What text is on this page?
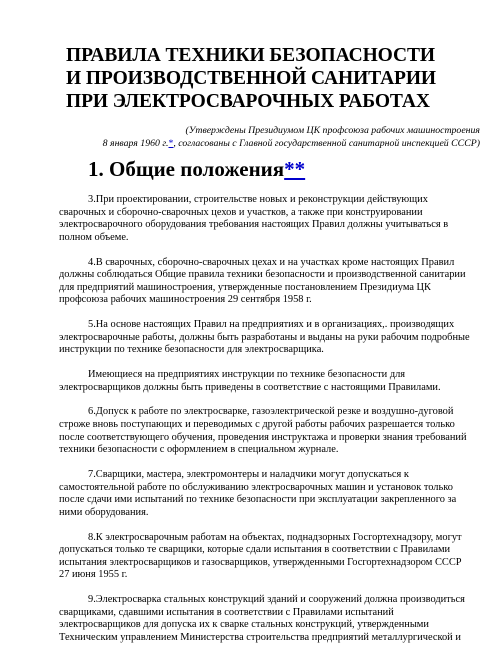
ПРАВИЛА ТЕХНИКИ БЕЗОПАСНОСТИ
И ПРОИЗВОДСТВЕННОЙ САНИТАРИИ
ПРИ ЭЛЕКТРОСВАРОЧНЫХ РАБОТАХ
(Утверждены Президиумом ЦК профсоюза рабочих машиностроения
8 января 1960 г.*, согласованы с Главной государственной санитарной инспекцией СССР)
1. Общие положения**

3.При проектировании, строительстве новых и реконструкции действующих сварочных и сборочно-сварочных цехов и участков, а также при конструировании электросварочного оборудования требования настоящих Правил должны учитываться в полном объеме.

4.В сварочных, сборочно-сварочных цехах и на участках кроме настоящих Правил должны соблюдаться Общие правила техники безопасности и производственной санитарии для предприятий машиностроения, утвержденные постановлением Президиума ЦК профсоюза рабочих машиностроения 29 сентября 1958 г.

5.На основе настоящих Правил на предприятиях и в организациях,. производящих электросварочные работы, должны быть разработаны и выданы на руки рабочим подробные инструкции по технике безопасности для электросварщика.

Имеющиеся на предприятиях инструкции по технике безопасности для электросварщиков должны быть приведены в соответствие с настоящими Правилами.

6.Допуск к работе по электросварке, газоэлектрической резке и воздушно-дуговой строже вновь поступающих и переводимых с другой работы рабочих разрешается только после соответствующего обучения, проведения инструктажа и проверки знания требований техники безопасности с оформлением в специальном журнале.

7.Сварщики, мастера, электромонтеры и наладчики могут допускаться к самостоятельной работе по обслуживанию электросварочных машин и установок только после сдачи ими испытаний по технике безопасности при эксплуатации закрепленного за ними оборудования.

8.К электросварочным работам на объектах, поднадзорных Госгортехнадзору, могут допускаться только те сварщики, которые сдали испытания в соответствии с Правилами испытания электросварщиков и газосварщиков, утвержденными Госгортехнадзором СССР 27 июня 1955 г.

9.Электросварка стальных конструкций зданий и сооружений должна производиться сварщиками, сдавшими испытания в соответствии с Правилами испытаний электросварщиков для допуска их к сварке стальных конструкций, утвержденными Техническим управлением Министерства строительства предприятий металлургической и
